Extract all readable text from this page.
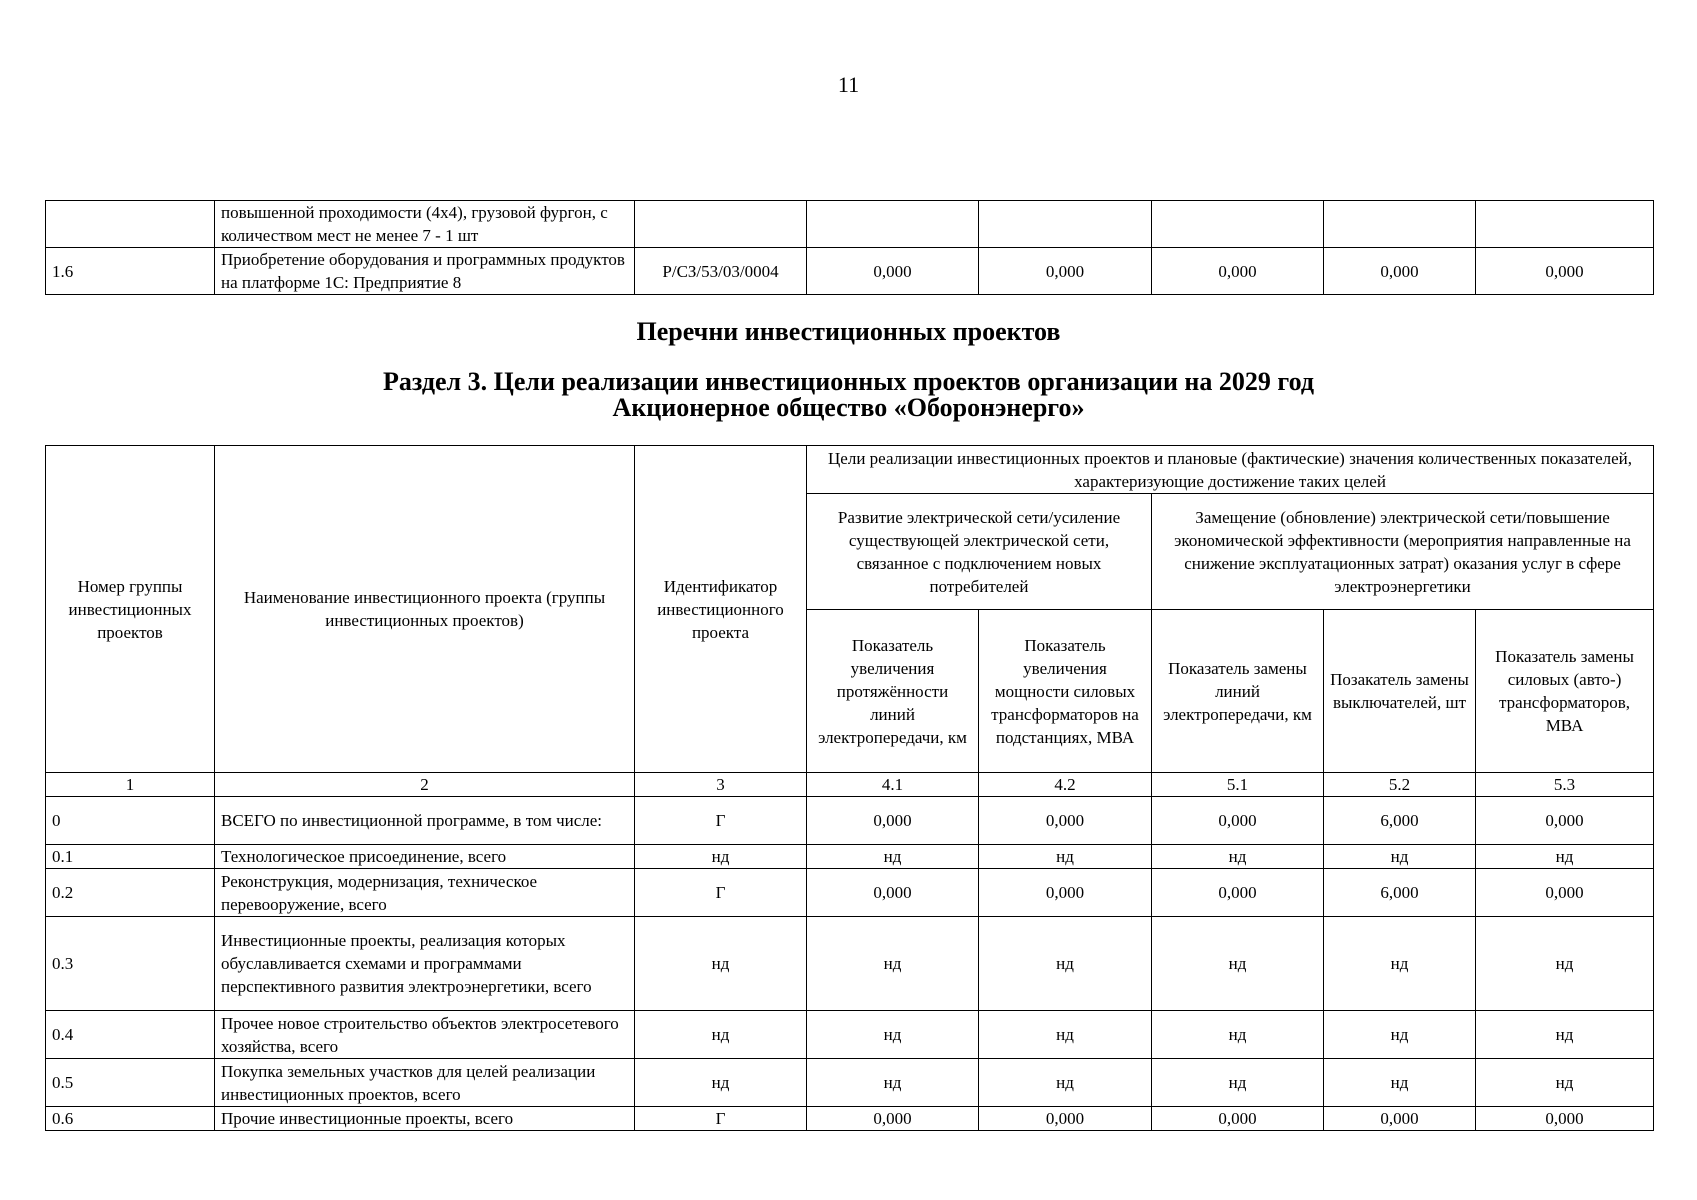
11
	повышенной проходимости (4х4), грузовой фургон, с количеством мест не менее 7 - 1 шт						
1.6	Приобретение оборудования и программных продуктов на платформе 1С: Предприятие 8	Р/СЗ/53/03/0004	0,000	0,000	0,000	0,000	0,000
Перечни инвестиционных проектов
Раздел 3. Цели реализации инвестиционных проектов организации на 2029 год
Акционерное общество «Оборонэнерго»
Номер группы инвестиционных проектов	Наименование инвестиционного проекта (группы инвестиционных проектов)	Идентификатор инвестиционного проекта	Цели реализации инвестиционных проектов и плановые (фактические) значения количественных показателей, характеризующие достижение таких целей				
			Развитие электрической сети/усиление существующей электрической сети, связанное с подключением новых потребителей		Замещение (обновление) электрической сети/повышение экономической эффективности (мероприятия направленные на снижение эксплуатационных затрат) оказания услуг в сфере электроэнергетики		
			Показатель увеличения протяжённости линий электропередачи, км	Показатель увеличения мощности силовых трансформаторов на подстанциях, МВА	Показатель замены линий электропередачи, км	Позакатель замены выключателей, шт	Показатель замены силовых (авто-) трансформаторов, МВА
1	2	3	4.1	4.2	5.1	5.2	5.3
0	ВСЕГО по инвестиционной программе, в том числе:	Г	0,000	0,000	0,000	6,000	0,000
0.1	Технологическое присоединение, всего	нд	нд	нд	нд	нд	нд
0.2	Реконструкция, модернизация, техническое перевооружение, всего	Г	0,000	0,000	0,000	6,000	0,000
0.3	Инвестиционные проекты, реализация которых обуславливается схемами и программами перспективного развития электроэнергетики, всего	нд	нд	нд	нд	нд	нд
0.4	Прочее новое строительство объектов электросетевого хозяйства, всего	нд	нд	нд	нд	нд	нд
0.5	Покупка земельных участков для целей реализации инвестиционных проектов, всего	нд	нд	нд	нд	нд	нд
0.6	Прочие инвестиционные проекты, всего	Г	0,000	0,000	0,000	0,000	0,000
